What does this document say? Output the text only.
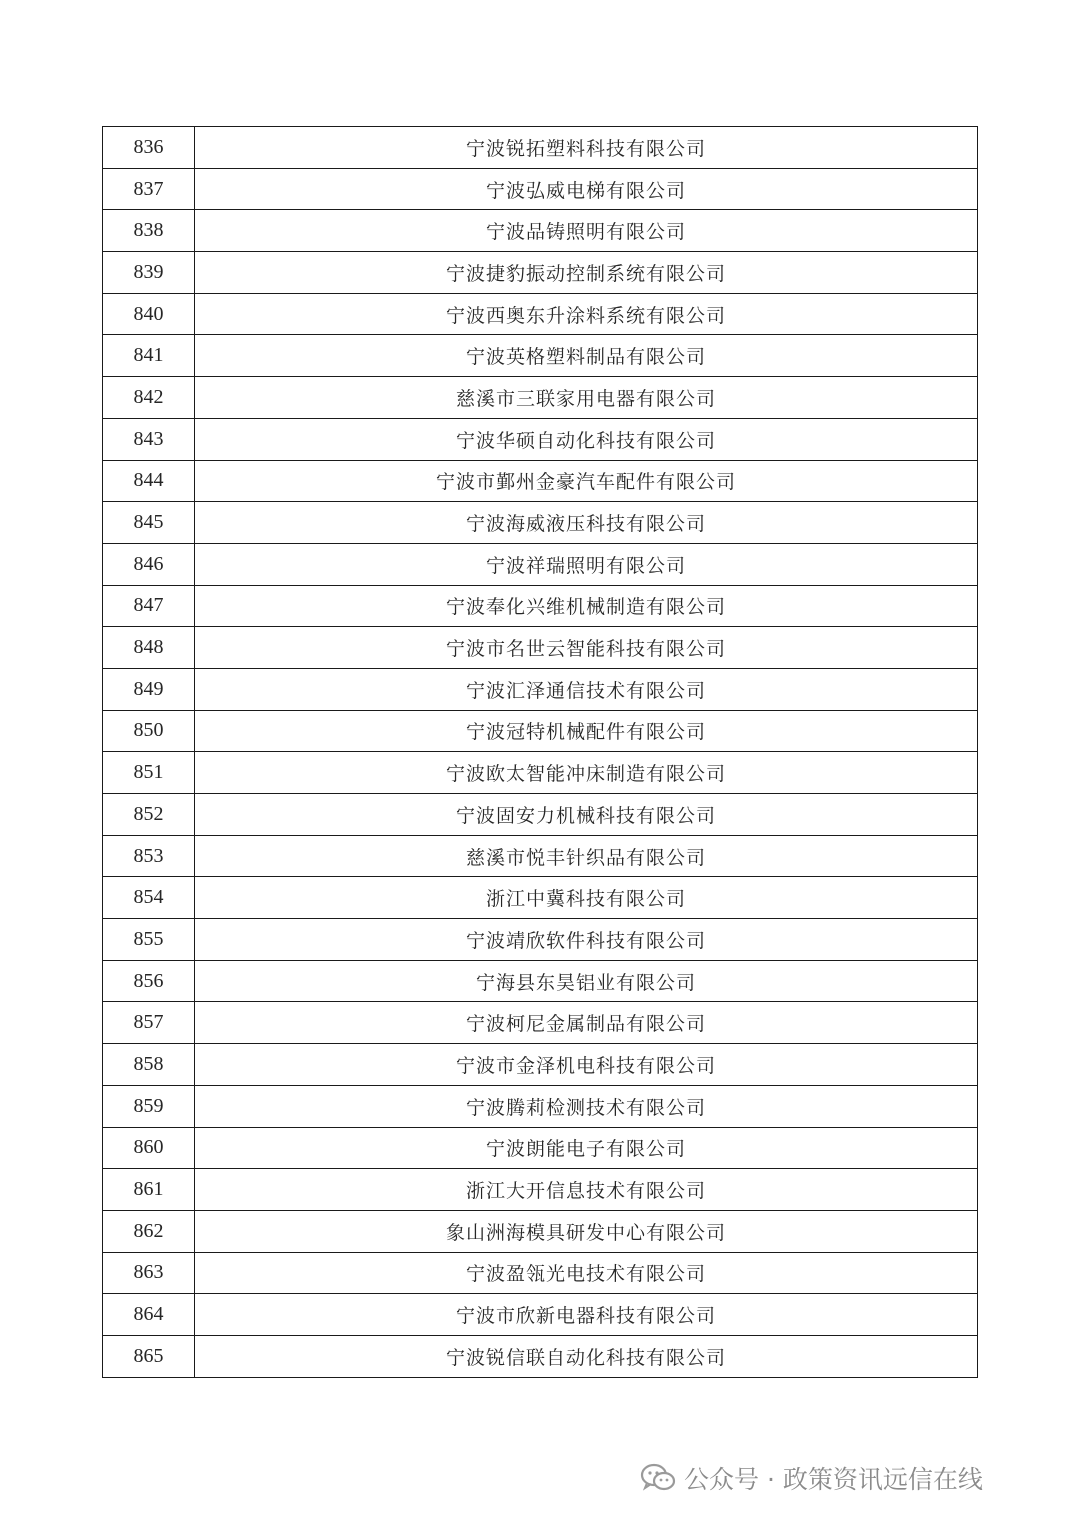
836	宁波锐拓塑料科技有限公司
837	宁波弘威电梯有限公司
838	宁波品铸照明有限公司
839	宁波捷豹振动控制系统有限公司
840	宁波西奥东升涂料系统有限公司
841	宁波英格塑料制品有限公司
842	慈溪市三联家用电器有限公司
843	宁波华硕自动化科技有限公司
844	宁波市鄞州金豪汽车配件有限公司
845	宁波海威液压科技有限公司
846	宁波祥瑞照明有限公司
847	宁波奉化兴维机械制造有限公司
848	宁波市名世云智能科技有限公司
849	宁波汇泽通信技术有限公司
850	宁波冠特机械配件有限公司
851	宁波欧太智能冲床制造有限公司
852	宁波固安力机械科技有限公司
853	慈溪市悦丰针织品有限公司
854	浙江中冀科技有限公司
855	宁波靖欣软件科技有限公司
856	宁海县东昊铝业有限公司
857	宁波柯尼金属制品有限公司
858	宁波市金泽机电科技有限公司
859	宁波腾莉检测技术有限公司
860	宁波朗能电子有限公司
861	浙江大开信息技术有限公司
862	象山洲海模具研发中心有限公司
863	宁波盈瓴光电技术有限公司
864	宁波市欣新电器科技有限公司
865	宁波锐信联自动化科技有限公司
公众号 · 政策资讯远信在线
